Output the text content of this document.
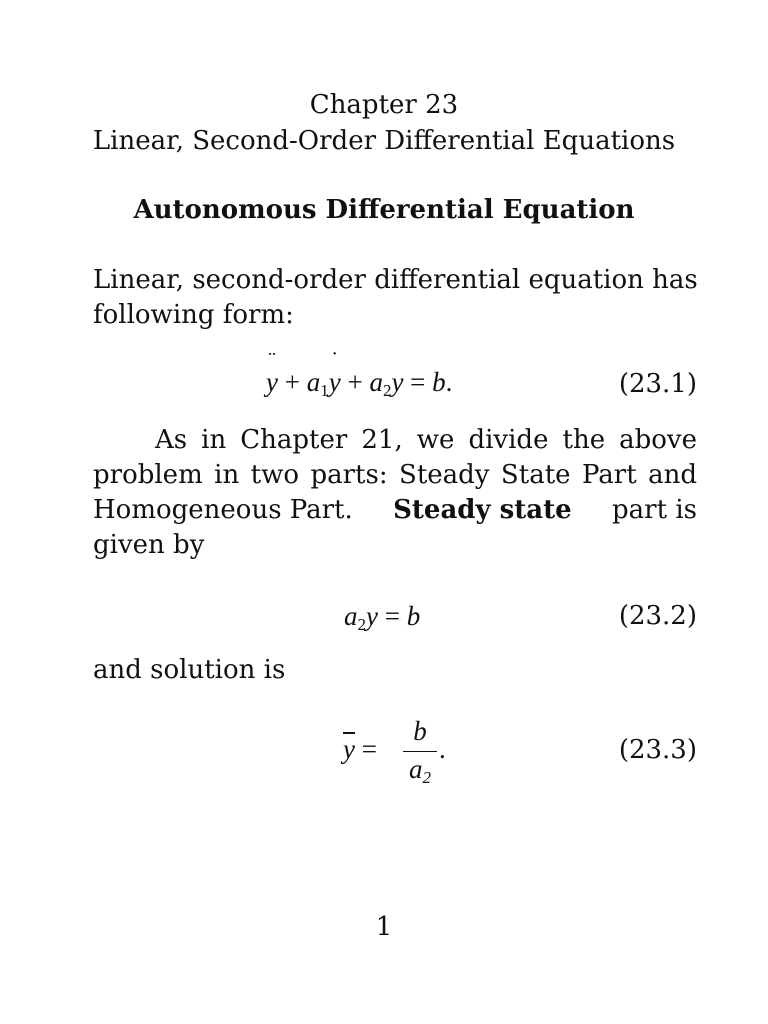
Chapter 23
Linear, Second-Order Differential Equations
Autonomous Differential Equation
Linear, second-order differential equation has
following form:
y
¨
+ $a_1y$
˙
+ $a_2y = b$.	(23.1)
As in Chapter 21, we divide the above
problem in two parts: Steady State Part and
Homogeneous Part. Steady state part is
given by
$a_2y = b$	(23.2)
and solution is
$\overline{y}$ =
b
$a_2$
.	(23.3)
1
